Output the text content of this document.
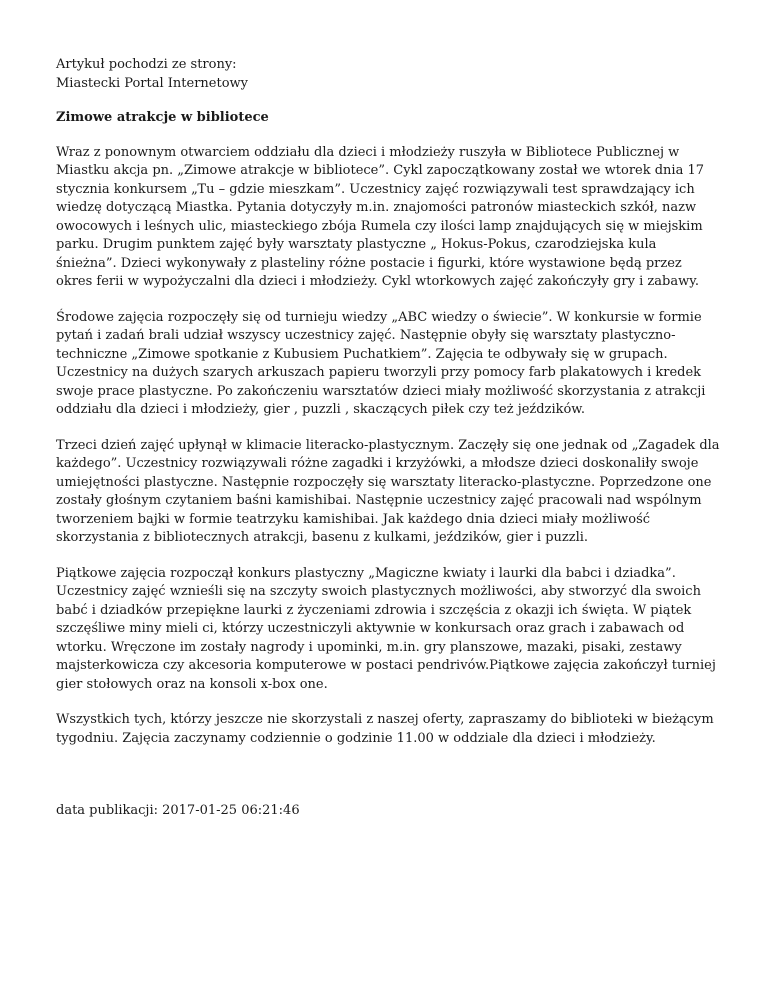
Artykuł pochodzi ze strony:
Miastecki Portal Internetowy
Zimowe atrakcje w bibliotece

Wraz z ponownym otwarciem oddziału dla dzieci i młodzieży ruszyła w Bibliotece Publicznej w Miastku akcja pn. „Zimowe atrakcje w bibliotece”. Cykl zapoczątkowany został we wtorek dnia 17 stycznia konkursem „Tu – gdzie mieszkam”. Uczestnicy zajęć rozwiązywali test sprawdzający ich wiedzę dotyczącą Miastka. Pytania dotyczyły m.in. znajomości patronów miasteckich szkół, nazw owocowych i leśnych ulic, miasteckiego zbója Rumela czy ilości lamp znajdujących się w miejskim parku. Drugim punktem zajęć były warsztaty plastyczne „ Hokus-Pokus, czarodziejska kula śnieżna”. Dzieci wykonywały z plasteliny różne postacie i figurki, które wystawione będą przez okres ferii w wypożyczalni dla dzieci i młodzieży. Cykl wtorkowych zajęć zakończyły gry i zabawy.

Środowe zajęcia rozpoczęły się od turnieju wiedzy „ABC wiedzy o świecie”. W konkursie w formie pytań i zadań brali udział wszyscy uczestnicy zajęć. Następnie obyły się warsztaty plastyczno-techniczne „Zimowe spotkanie z Kubusiem Puchatkiem”. Zajęcia te odbywały się w grupach. Uczestnicy na dużych szarych arkuszach papieru tworzyli przy pomocy farb plakatowych i kredek swoje prace plastyczne. Po zakończeniu warsztatów dzieci miały możliwość skorzystania z atrakcji oddziału dla dzieci i młodzieży, gier , puzzli , skaczących piłek czy też jeździków.

Trzeci dzień zajęć upłynął w klimacie literacko-plastycznym. Zaczęły się one jednak od „Zagadek dla każdego”. Uczestnicy rozwiązywali różne zagadki i krzyżówki, a młodsze dzieci doskonaliły swoje umiejętności plastyczne. Następnie rozpoczęły się warsztaty literacko-plastyczne. Poprzedzone one zostały głośnym czytaniem baśni kamishibai. Następnie uczestnicy zajęć pracowali nad wspólnym tworzeniem bajki w formie teatrzyku kamishibai. Jak każdego dnia dzieci miały możliwość skorzystania z bibliotecznych atrakcji, basenu z kulkami, jeździków, gier i puzzli.

Piątkowe zajęcia rozpoczął konkurs plastyczny „Magiczne kwiaty i laurki dla babci i dziadka”. Uczestnicy zajęć wznieśli się na szczyty swoich plastycznych możliwości, aby stworzyć dla swoich babć i dziadków przepiękne laurki z życzeniami zdrowia i szczęścia z okazji ich święta. W piątek szczęśliwe miny mieli ci, którzy uczestniczyli aktywnie w konkursach oraz grach i zabawach od wtorku. Wręczone im zostały nagrody i upominki, m.in. gry planszowe, mazaki, pisaki, zestawy majsterkowicza czy akcesoria komputerowe w postaci pendrivów.Piątkowe zajęcia zakończył turniej gier stołowych oraz na konsoli x-box one.

Wszystkich tych, którzy jeszcze nie skorzystali z naszej oferty, zapraszamy do biblioteki w bieżącym tygodniu. Zajęcia zaczynamy codziennie o godzinie 11.00 w oddziale dla dzieci i młodzieży.

data publikacji: 2017-01-25 06:21:46
